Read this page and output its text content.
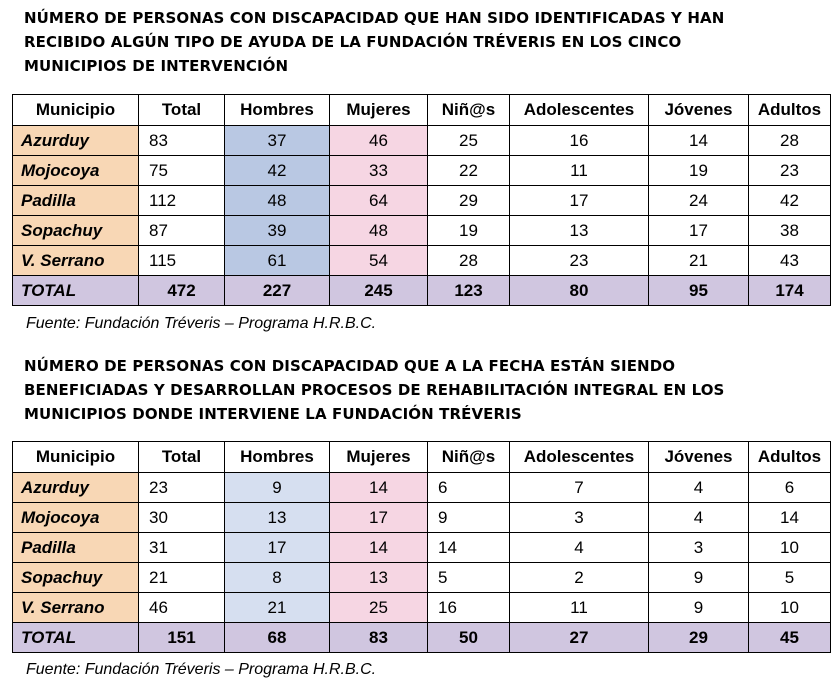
NÚMERO DE PERSONAS CON DISCAPACIDAD QUE HAN SIDO IDENTIFICADAS Y HAN
RECIBIDO ALGÚN TIPO DE AYUDA DE LA FUNDACIÓN TRÉVERIS EN LOS CINCO
MUNICIPIOS DE INTERVENCIÓN
Municipio	Total	Hombres	Mujeres	Niñ@s	Adolescentes	Jóvenes	Adultos
Azurduy	83	37	46	25	16	14	28
Mojocoya	75	42	33	22	11	19	23
Padilla	112	48	64	29	17	24	42
Sopachuy	87	39	48	19	13	17	38
V. Serrano	115	61	54	28	23	21	43
TOTAL	472	227	245	123	80	95	174

Fuente: Fundación Tréveris – Programa H.R.B.C.

NÚMERO DE PERSONAS CON DISCAPACIDAD QUE A LA FECHA ESTÁN SIENDO
BENEFICIADAS Y DESARROLLAN PROCESOS DE REHABILITACIÓN INTEGRAL EN LOS
MUNICIPIOS DONDE INTERVIENE LA FUNDACIÓN TRÉVERIS
Municipio	Total	Hombres	Mujeres	Niñ@s	Adolescentes	Jóvenes	Adultos
Azurduy	23	9	14	6	7	4	6
Mojocoya	30	13	17	9	3	4	14
Padilla	31	17	14	14	4	3	10
Sopachuy	21	8	13	5	2	9	5
V. Serrano	46	21	25	16	11	9	10
TOTAL	151	68	83	50	27	29	45

Fuente: Fundación Tréveris – Programa H.R.B.C.
